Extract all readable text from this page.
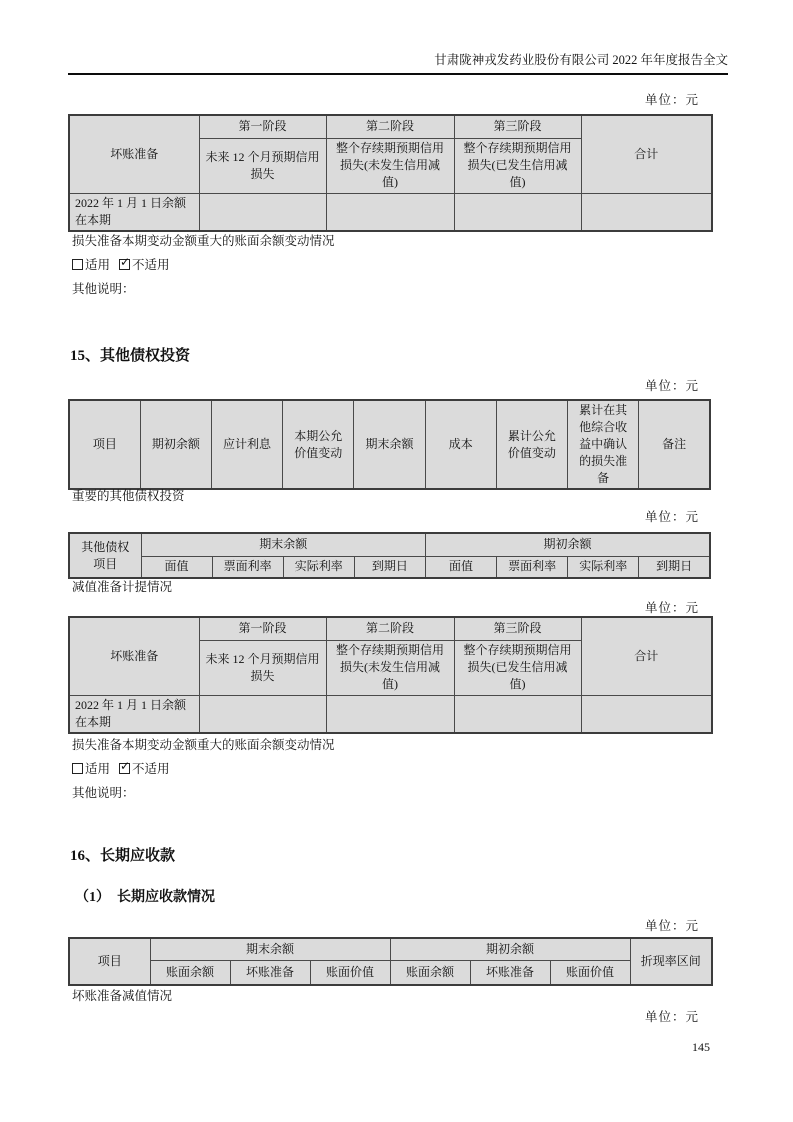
甘肃陇神戎发药业股份有限公司 2022 年年度报告全文
单位：元
坏账准备	第一阶段	第二阶段	第三阶段	合计
	未来 12 个月预期信用损失	整个存续期预期信用损失(未发生信用减值)	整个存续期预期信用损失(已发生信用减值)	
2022 年 1 月 1 日余额在本期				
损失准备本期变动金额重大的账面余额变动情况
适用 ✓ 不适用
其他说明：
15、其他债权投资
单位：元
项目	期初余额	应计利息	本期公允价值变动	期末余额	成本	累计公允价值变动	累计在其他综合收益中确认的损失准备	备注
重要的其他债权投资
单位：元
其他债权项目	期末余额				期初余额			
	面值	票面利率	实际利率	到期日	面值	票面利率	实际利率	到期日
减值准备计提情况
单位：元
坏账准备	第一阶段	第二阶段	第三阶段	合计
	未来 12 个月预期信用损失	整个存续期预期信用损失(未发生信用减值)	整个存续期预期信用损失(已发生信用减值)	
2022 年 1 月 1 日余额在本期				
损失准备本期变动金额重大的账面余额变动情况
适用 ✓ 不适用
其他说明：
16、长期应收款
（1）　长期应收款情况
单位：元
项目	期末余额			期初余额			折现率区间
	账面余额	坏账准备	账面价值	账面余额	坏账准备	账面价值	
坏账准备减值情况
单位：元
145
